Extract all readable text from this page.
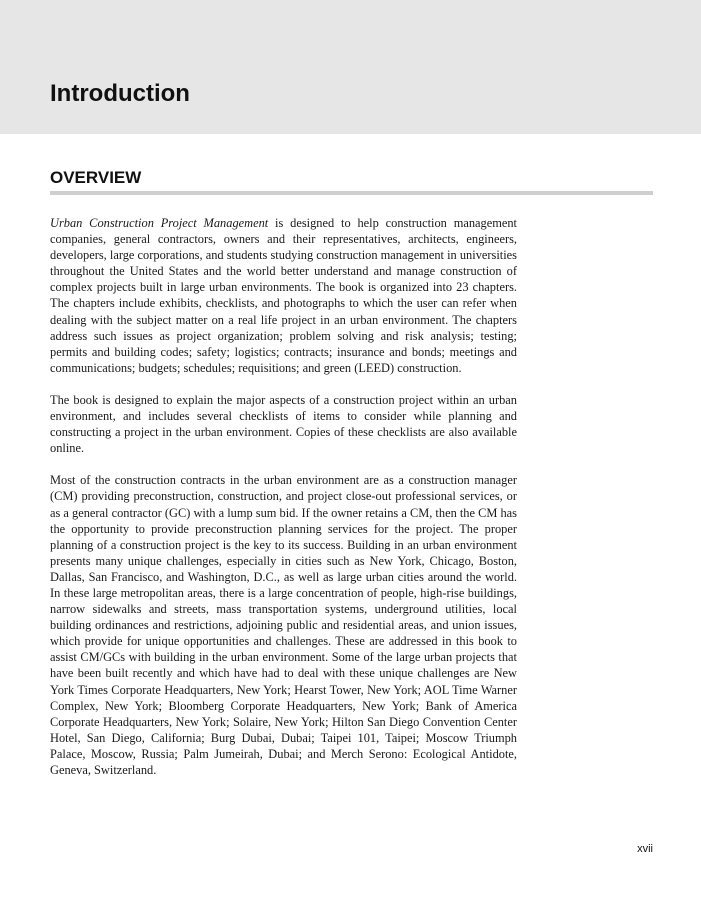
Introduction
OVERVIEW

Urban Construction Project Management is designed to help construction management companies, general contractors, owners and their representatives, architects, engineers, developers, large corporations, and students studying construction management in universities throughout the United States and the world better understand and manage construction of complex projects built in large urban environments. The book is organized into 23 chapters. The chapters include exhibits, checklists, and photographs to which the user can refer when dealing with the subject matter on a real life project in an urban environment. The chapters address such issues as project organization; problem solving and risk analysis; testing; permits and building codes; safety; logistics; contracts; insurance and bonds; meetings and communications; budgets; schedules; requisitions; and green (LEED) construction.

The book is designed to explain the major aspects of a construction project within an urban environment, and includes several checklists of items to consider while planning and constructing a project in the urban environment. Copies of these checklists are also available online.

Most of the construction contracts in the urban environment are as a construction manager (CM) providing preconstruction, construction, and project close-out professional services, or as a general contractor (GC) with a lump sum bid. If the owner retains a CM, then the CM has the opportunity to provide preconstruction planning services for the project. The proper planning of a construction project is the key to its success. Building in an urban environment presents many unique challenges, especially in cities such as New York, Chicago, Boston, Dallas, San Francisco, and Washington, D.C., as well as large urban cities around the world. In these large metropolitan areas, there is a large concentration of people, high-rise buildings, narrow sidewalks and streets, mass transportation systems, underground utilities, local building ordinances and restrictions, adjoining public and residential areas, and union issues, which provide for unique opportunities and challenges. These are addressed in this book to assist CM/GCs with building in the urban environment. Some of the large urban projects that have been built recently and which have had to deal with these unique challenges are New York Times Corporate Headquarters, New York; Hearst Tower, New York; AOL Time Warner Complex, New York; Bloomberg Corporate Headquarters, New York; Bank of America Corporate Headquarters, New York; Solaire, New York; Hilton San Diego Convention Center Hotel, San Diego, California; Burg Dubai, Dubai; Taipei 101, Taipei; Moscow Triumph Palace, Moscow, Russia; Palm Jumeirah, Dubai; and Merch Serono: Ecological Antidote, Geneva, Switzerland.

xvii
